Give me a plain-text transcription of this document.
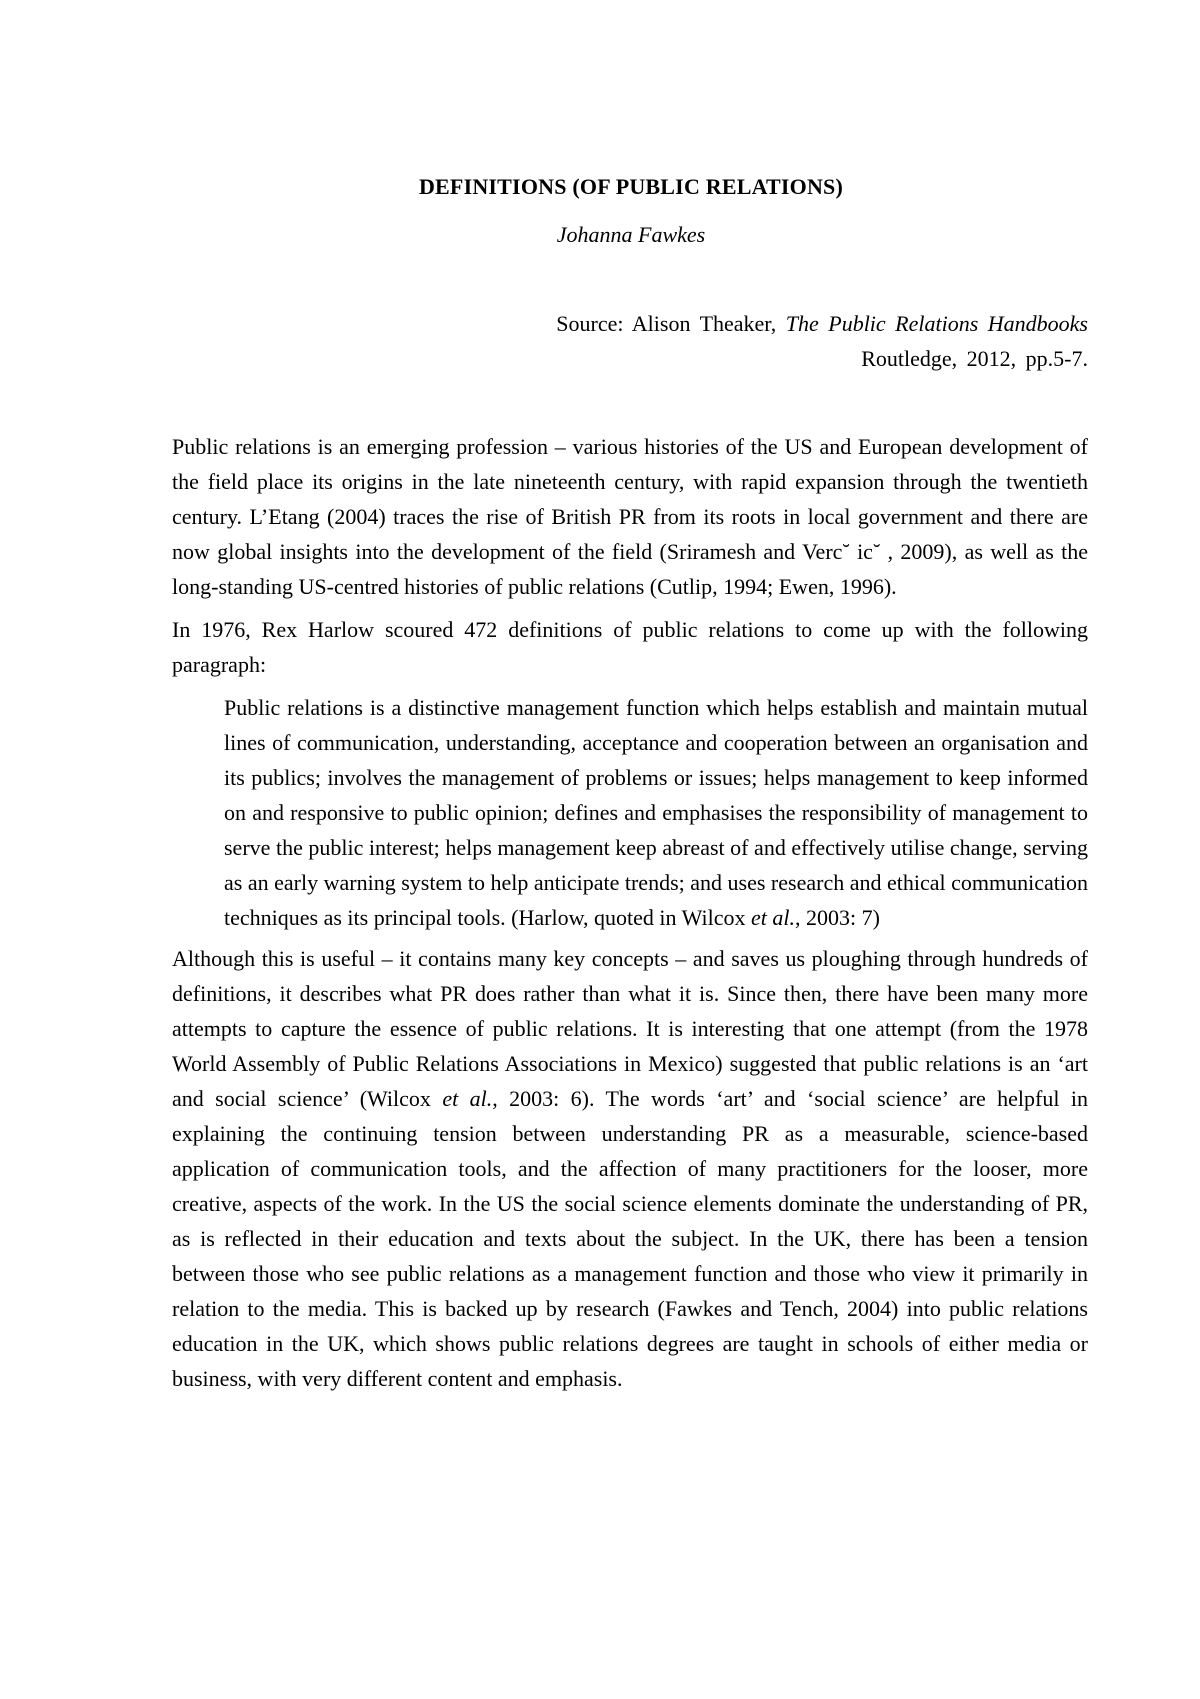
DEFINITIONS (OF PUBLIC RELATIONS)
Johanna Fawkes
Source: Alison Theaker, The Public Relations Handbooks
Routledge, 2012, pp.5-7.

Public relations is an emerging profession – various histories of the US and European development of the field place its origins in the late nineteenth century, with rapid expansion through the twentieth century. L’Etang (2004) traces the rise of British PR from its roots in local government and there are now global insights into the development of the field (Sriramesh and Verc˘ ic˘ , 2009), as well as the long-standing US-centred histories of public relations (Cutlip, 1994; Ewen, 1996).

In 1976, Rex Harlow scoured 472 definitions of public relations to come up with the following paragraph:

Public relations is a distinctive management function which helps establish and maintain mutual lines of communication, understanding, acceptance and cooperation between an organisation and its publics; involves the management of problems or issues; helps management to keep informed on and responsive to public opinion; defines and emphasises the responsibility of management to serve the public interest; helps management keep abreast of and effectively utilise change, serving as an early warning system to help anticipate trends; and uses research and ethical communication techniques as its principal tools. (Harlow, quoted in Wilcox et al., 2003: 7)

Although this is useful – it contains many key concepts – and saves us ploughing through hundreds of definitions, it describes what PR does rather than what it is. Since then, there have been many more attempts to capture the essence of public relations. It is interesting that one attempt (from the 1978 World Assembly of Public Relations Associations in Mexico) suggested that public relations is an ‘art and social science’ (Wilcox et al., 2003: 6). The words ‘art’ and ‘social science’ are helpful in explaining the continuing tension between understanding PR as a measurable, science-based application of communication tools, and the affection of many practitioners for the looser, more creative, aspects of the work. In the US the social science elements dominate the understanding of PR, as is reflected in their education and texts about the subject. In the UK, there has been a tension between those who see public relations as a management function and those who view it primarily in relation to the media. This is backed up by research (Fawkes and Tench, 2004) into public relations education in the UK, which shows public relations degrees are taught in schools of either media or business, with very different content and emphasis.
